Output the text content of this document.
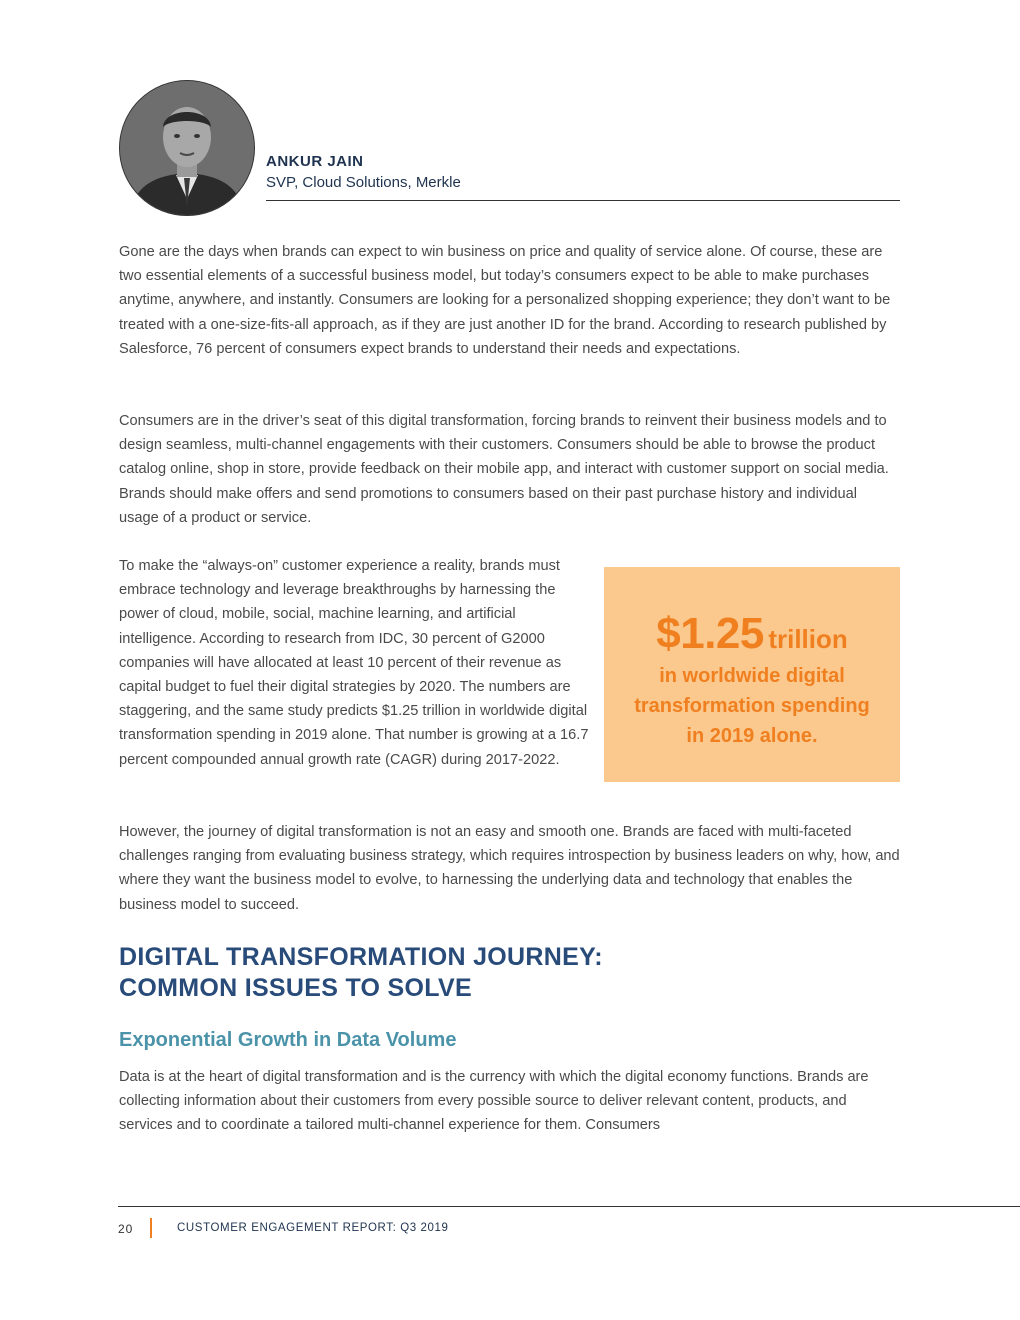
ANKUR JAIN
SVP, Cloud Solutions, Merkle

Gone are the days when brands can expect to win business on price and quality of service alone. Of course, these are two essential elements of a successful business model, but today’s consumers expect to be able to make purchases anytime, anywhere, and instantly. Consumers are looking for a personalized shopping experience; they don’t want to be treated with a one-size-fits-all approach, as if they are just another ID for the brand. According to research published by Salesforce, 76 percent of consumers expect brands to understand their needs and expectations.

Consumers are in the driver’s seat of this digital transformation, forcing brands to reinvent their business models and to design seamless, multi-channel engagements with their customers. Consumers should be able to browse the product catalog online, shop in store, provide feedback on their mobile app, and interact with customer support on social media. Brands should make offers and send promotions to consumers based on their past purchase history and individual usage of a product or service.

To make the “always-on” customer experience a reality, brands must embrace technology and leverage breakthroughs by harnessing the power of cloud, mobile, social, machine learning, and artificial intelligence. According to research from IDC, 30 percent of G2000 companies will have allocated at least 10 percent of their revenue as capital budget to fuel their digital strategies by 2020. The numbers are staggering, and the same study predicts $1.25 trillion in worldwide digital transformation spending in 2019 alone. That number is growing at a 16.7 percent compounded annual growth rate (CAGR) during 2017-2022.

$1.25 trillion
in worldwide digital
transformation spending
in 2019 alone.

However, the journey of digital transformation is not an easy and smooth one. Brands are faced with multi-faceted challenges ranging from evaluating business strategy, which requires introspection by business leaders on why, how, and where they want the business model to evolve, to harnessing the underlying data and technology that enables the business model to succeed.

DIGITAL TRANSFORMATION JOURNEY:
COMMON ISSUES TO SOLVE
Exponential Growth in Data Volume

Data is at the heart of digital transformation and is the currency with which the digital economy functions. Brands are collecting information about their customers from every possible source to deliver relevant content, products, and services and to coordinate a tailored multi-channel experience for them. Consumers

20	CUSTOMER ENGAGEMENT REPORT: Q3 2019
